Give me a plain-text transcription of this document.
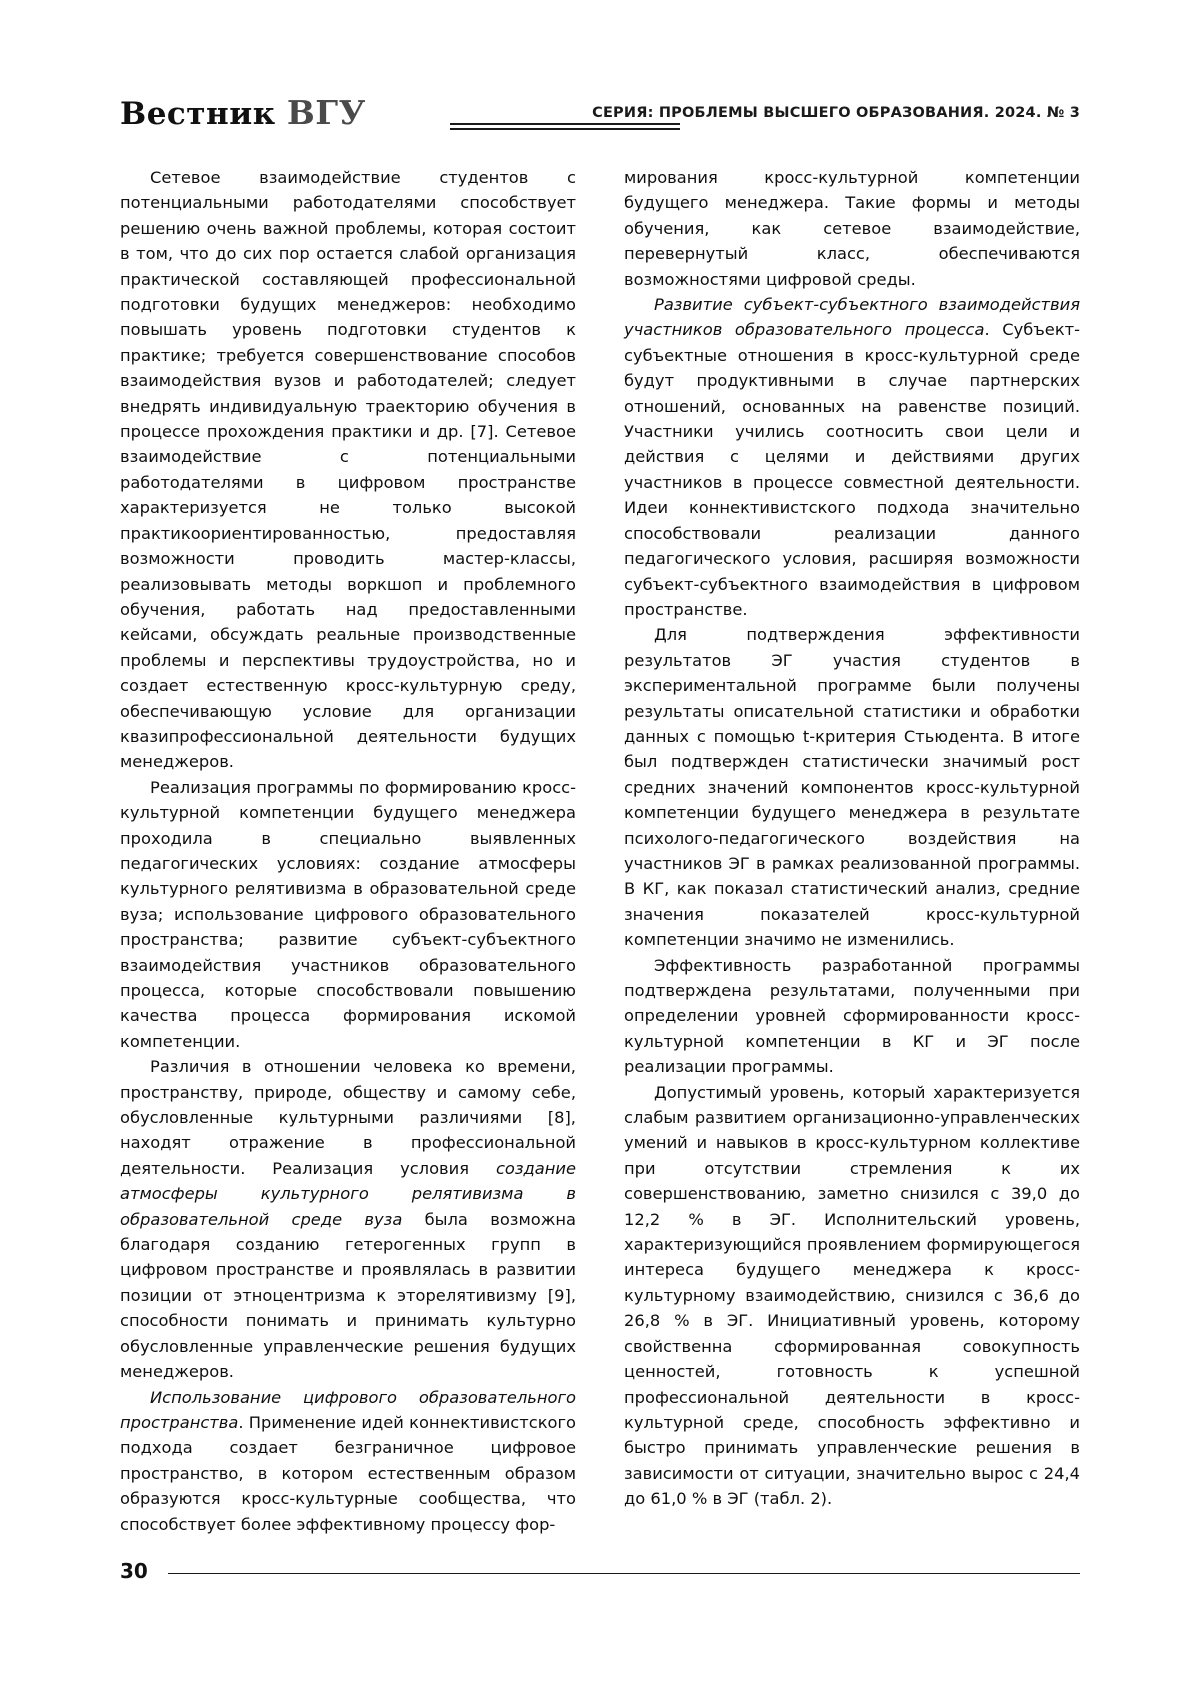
Вестник ВГУ	СЕРИЯ: ПРОБЛЕМЫ ВЫСШЕГО ОБРАЗОВАНИЯ. 2024. № 3

Сетевое взаимодействие студентов с потенциальными работодателями способствует решению очень важной проблемы, которая состоит в том, что до сих пор остается слабой организация практической составляющей профессиональной подготовки будущих менеджеров: необходимо повышать уровень подготовки студентов к практике; требуется совершенствование способов взаимодействия вузов и работодателей; следует внедрять индивидуальную траекторию обучения в процессе прохождения практики и др. [7]. Сетевое взаимодействие с потенциальными работодателями в цифровом пространстве характеризуется не только высокой практикоориентированностью, предоставляя возможности проводить мастер-классы, реализовывать методы воркшоп и проблемного обучения, работать над предоставленными кейсами, обсуждать реальные производственные проблемы и перспективы трудоустройства, но и создает естественную кросс-культурную среду, обеспечивающую условие для организации квазипрофессиональной деятельности будущих менеджеров.

Реализация программы по формированию кросс-культурной компетенции будущего менеджера проходила в специально выявленных педагогических условиях: создание атмосферы культурного релятивизма в образовательной среде вуза; использование цифрового образовательного пространства; развитие субъект-субъектного взаимодействия участников образовательного процесса, которые способствовали повышению качества процесса формирования искомой компетенции.

Различия в отношении человека ко времени, пространству, природе, обществу и самому себе, обусловленные культурными различиями [8], находят отражение в профессиональной деятельности. Реализация условия создание атмосферы культурного релятивизма в образовательной среде вуза была возможна благодаря созданию гетерогенных групп в цифровом пространстве и проявлялась в развитии позиции от этноцентризма к эторелятивизму [9], способности понимать и принимать культурно обусловленные управленческие решения будущих менеджеров.

Использование цифрового образовательного пространства. Применение идей коннективистского подхода создает безграничное цифровое пространство, в котором естественным образом образуются кросс-культурные сообщества, что способствует более эффективному процессу фор-

мирования кросс-культурной компетенции будущего менеджера. Такие формы и методы обучения, как сетевое взаимодействие, перевернутый класс, обеспечиваются возможностями цифровой среды.

Развитие субъект-субъектного взаимодействия участников образовательного процесса. Субъект-субъектные отношения в кросс-культурной среде будут продуктивными в случае партнерских отношений, основанных на равенстве позиций. Участники учились соотносить свои цели и действия с целями и действиями других участников в процессе совместной деятельности. Идеи коннективистского подхода значительно способствовали реализации данного педагогического условия, расширяя возможности субъект-субъектного взаимодействия в цифровом пространстве.

Для подтверждения эффективности результатов ЭГ участия студентов в экспериментальной программе были получены результаты описательной статистики и обработки данных с помощью t-критерия Стьюдента. В итоге был подтвержден статистически значимый рост средних значений компонентов кросс-культурной компетенции будущего менеджера в результате психолого-педагогического воздействия на участников ЭГ в рамках реализованной программы. В КГ, как показал статистический анализ, средние значения показателей кросс-культурной компетенции значимо не изменились.

Эффективность разработанной программы подтверждена результатами, полученными при определении уровней сформированности кросс-культурной компетенции в КГ и ЭГ после реализации программы.

Допустимый уровень, который характеризуется слабым развитием организационно-управленческих умений и навыков в кросс-культурном коллективе при отсутствии стремления к их совершенствованию, заметно снизился с 39,0 до 12,2 % в ЭГ. Исполнительский уровень, характеризующийся проявлением формирующегося интереса будущего менеджера к кросс-культурному взаимодействию, снизился с 36,6 до 26,8 % в ЭГ. Инициативный уровень, которому свойственна сформированная совокупность ценностей, готовность к успешной профессиональной деятельности в кросс-культурной среде, способность эффективно и быстро принимать управленческие решения в зависимости от ситуации, значительно вырос с 24,4 до 61,0 % в ЭГ (табл. 2).

30
